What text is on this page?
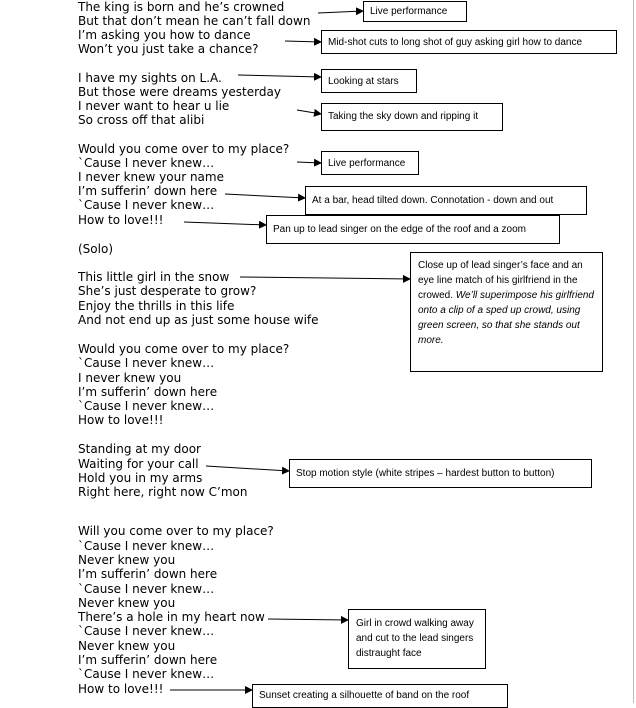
The king is born and he’s crowned
But that don’t mean he can’t fall down
I’m asking you how to dance
Won’t you just take a chance?
I have my sights on L.A.
But those were dreams yesterday
I never want to hear u lie
So cross off that alibi
Would you come over to my place?
`Cause I never knew…
I never knew your name
I’m sufferin’ down here
`Cause I never knew…
How to love!!!
(Solo)
This little girl in the snow
She’s just desperate to grow?
Enjoy the thrills in this life
And not end up as just some house wife
Would you come over to my place?
`Cause I never knew…
I never knew you
I’m sufferin’ down here
`Cause I never knew…
How to love!!!
Standing at my door
Waiting for your call
Hold you in my arms
Right here, right now C’mon
Will you come over to my place?
`Cause I never knew…
Never knew you
I’m sufferin’ down here
`Cause I never knew…
Never knew you
There’s a hole in my heart now
`Cause I never knew…
Never knew you
I’m sufferin’ down here
`Cause I never knew…
How to love!!!
Live performance
Mid-shot cuts to long shot of guy asking girl how to dance
Looking at stars
Taking the sky down and ripping it
Live performance
At a bar, head tilted down. Connotation - down and out
Pan up to lead singer on the edge of the roof and a zoom
Close up of lead singer’s face and an eye line match of his girlfriend in the crowed. We’ll superimpose his girlfriend onto a clip of a sped up crowd, using green screen, so that she stands out more.
Stop motion style (white stripes – hardest button to button)
Girl in crowd walking away and cut to the lead singers distraught face
Sunset creating a silhouette of band on the roof
